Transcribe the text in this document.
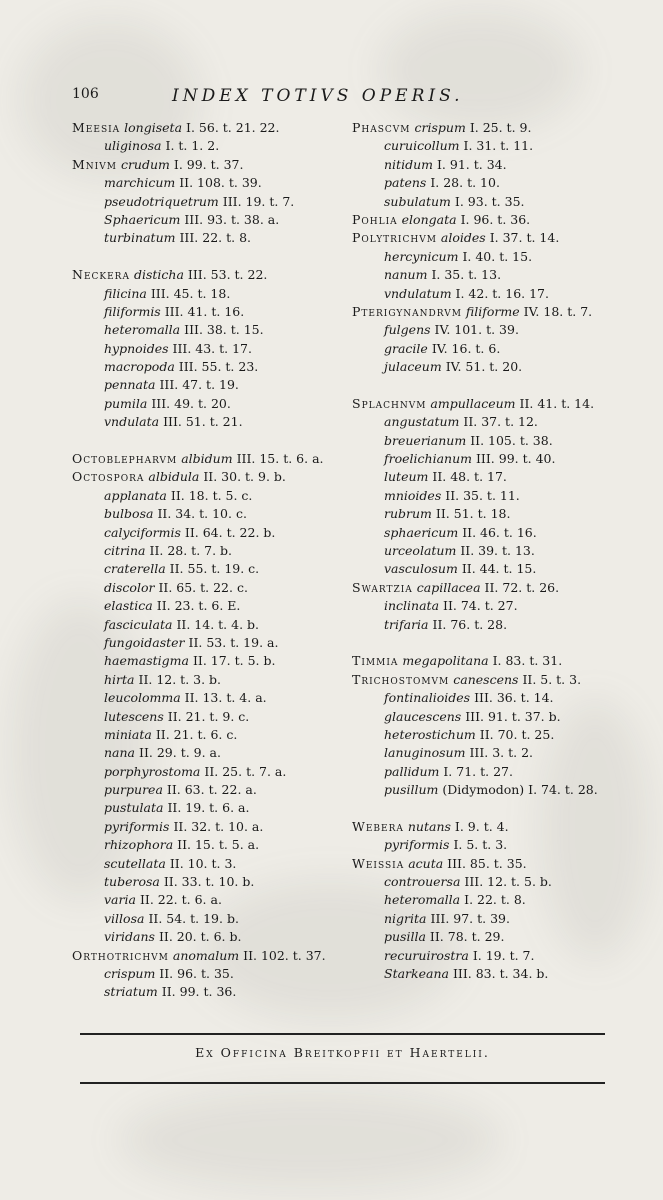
106	INDEX TOTIVS OPERIS.
Meesia longiseta I. 56. t. 21. 22.
uliginosa I. t. 1. 2.
Mnivm crudum I. 99. t. 37.
marchicum II. 108. t. 39.
pseudotriquetrum III. 19. t. 7.
Sphaericum III. 93. t. 38. a.
turbinatum III. 22. t. 8.
Neckera disticha III. 53. t. 22.
filicina III. 45. t. 18.
filiformis III. 41. t. 16.
heteromalla III. 38. t. 15.
hypnoides III. 43. t. 17.
macropoda III. 55. t. 23.
pennata III. 47. t. 19.
pumila III. 49. t. 20.
vndulata III. 51. t. 21.
Octoblepharvm albidum III. 15. t. 6. a.
Octospora albidula II. 30. t. 9. b.
applanata II. 18. t. 5. c.
bulbosa II. 34. t. 10. c.
calyciformis II. 64. t. 22. b.
citrina II. 28. t. 7. b.
craterella II. 55. t. 19. c.
discolor II. 65. t. 22. c.
elastica II. 23. t. 6. E.
fasciculata II. 14. t. 4. b.
fungoidaster II. 53. t. 19. a.
haemastigma II. 17. t. 5. b.
hirta II. 12. t. 3. b.
leucolomma II. 13. t. 4. a.
lutescens II. 21. t. 9. c.
miniata II. 21. t. 6. c.
nana II. 29. t. 9. a.
porphyrostoma II. 25. t. 7. a.
purpurea II. 63. t. 22. a.
pustulata II. 19. t. 6. a.
pyriformis II. 32. t. 10. a.
rhizophora II. 15. t. 5. a.
scutellata II. 10. t. 3.
tuberosa II. 33. t. 10. b.
varia II. 22. t. 6. a.
villosa II. 54. t. 19. b.
viridans II. 20. t. 6. b.
Orthotrichvm anomalum II. 102. t. 37.
crispum II. 96. t. 35.
striatum II. 99. t. 36.
Phascvm crispum I. 25. t. 9.
curuicollum I. 31. t. 11.
nitidum I. 91. t. 34.
patens I. 28. t. 10.
subulatum I. 93. t. 35.
Pohlia elongata I. 96. t. 36.
Polytrichvm aloides I. 37. t. 14.
hercynicum I. 40. t. 15.
nanum I. 35. t. 13.
vndulatum I. 42. t. 16. 17.
Pterigynandrvm filiforme IV. 18. t. 7.
fulgens IV. 101. t. 39.
gracile IV. 16. t. 6.
julaceum IV. 51. t. 20.
Splachnvm ampullaceum II. 41. t. 14.
angustatum II. 37. t. 12.
breuerianum II. 105. t. 38.
froelichianum III. 99. t. 40.
luteum II. 48. t. 17.
mnioides II. 35. t. 11.
rubrum II. 51. t. 18.
sphaericum II. 46. t. 16.
urceolatum II. 39. t. 13.
vasculosum II. 44. t. 15.
Swartzia capillacea II. 72. t. 26.
inclinata II. 74. t. 27.
trifaria II. 76. t. 28.
Timmia megapolitana I. 83. t. 31.
Trichostomvm canescens II. 5. t. 3.
fontinalioides III. 36. t. 14.
glaucescens III. 91. t. 37. b.
heterostichum II. 70. t. 25.
lanuginosum III. 3. t. 2.
pallidum I. 71. t. 27.
pusillum (Didymodon) I. 74. t. 28.
Webera nutans I. 9. t. 4.
pyriformis I. 5. t. 3.
Weissia acuta III. 85. t. 35.
controuersa III. 12. t. 5. b.
heteromalla I. 22. t. 8.
nigrita III. 97. t. 39.
pusilla II. 78. t. 29.
recuruirostra I. 19. t. 7.
Starkeana III. 83. t. 34. b.
Ex Officina Breitkopfii et Haertelii.
